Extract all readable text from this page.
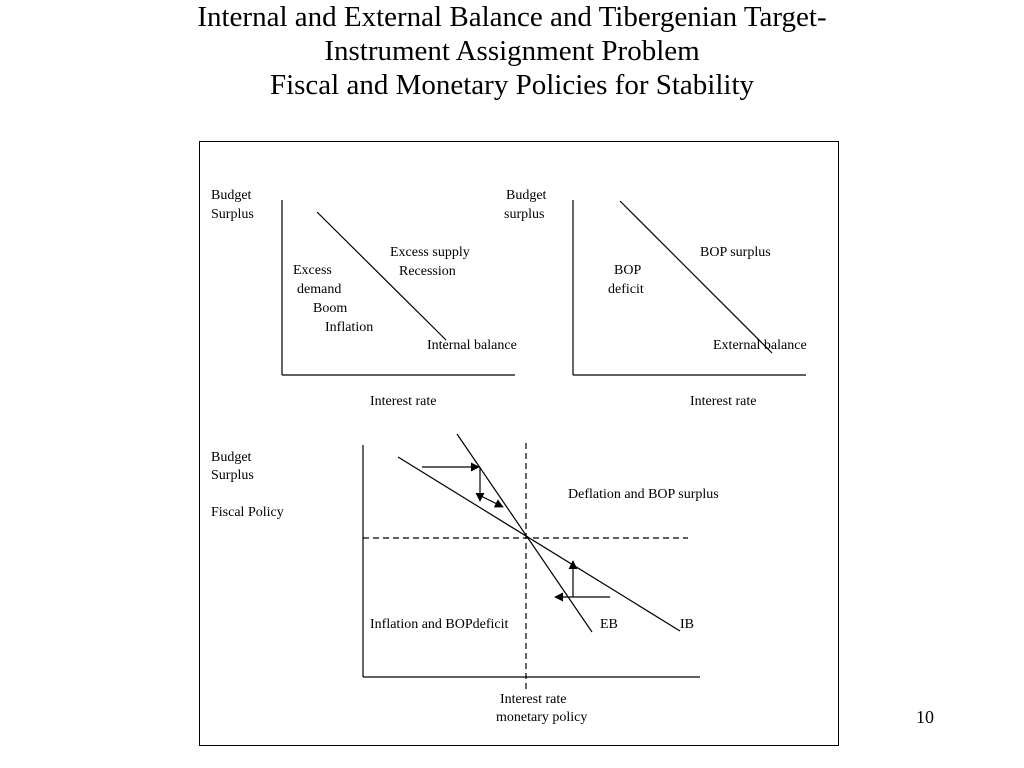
Internal and External Balance and Tibergenian Target-
Instrument Assignment Problem
Fiscal and Monetary Policies for Stability
Budget
Surplus
Excess supply
Recession
Excess
demand
Boom
Inflation
Internal balance
Interest rate
Budget
surplus
BOP surplus
BOP
deficit
External balance
Interest rate
Budget
Surplus
Fiscal Policy
Deflation and BOP surplus
Inflation and BOPdeficit	EB	IB
Interest rate
monetary policy	10
